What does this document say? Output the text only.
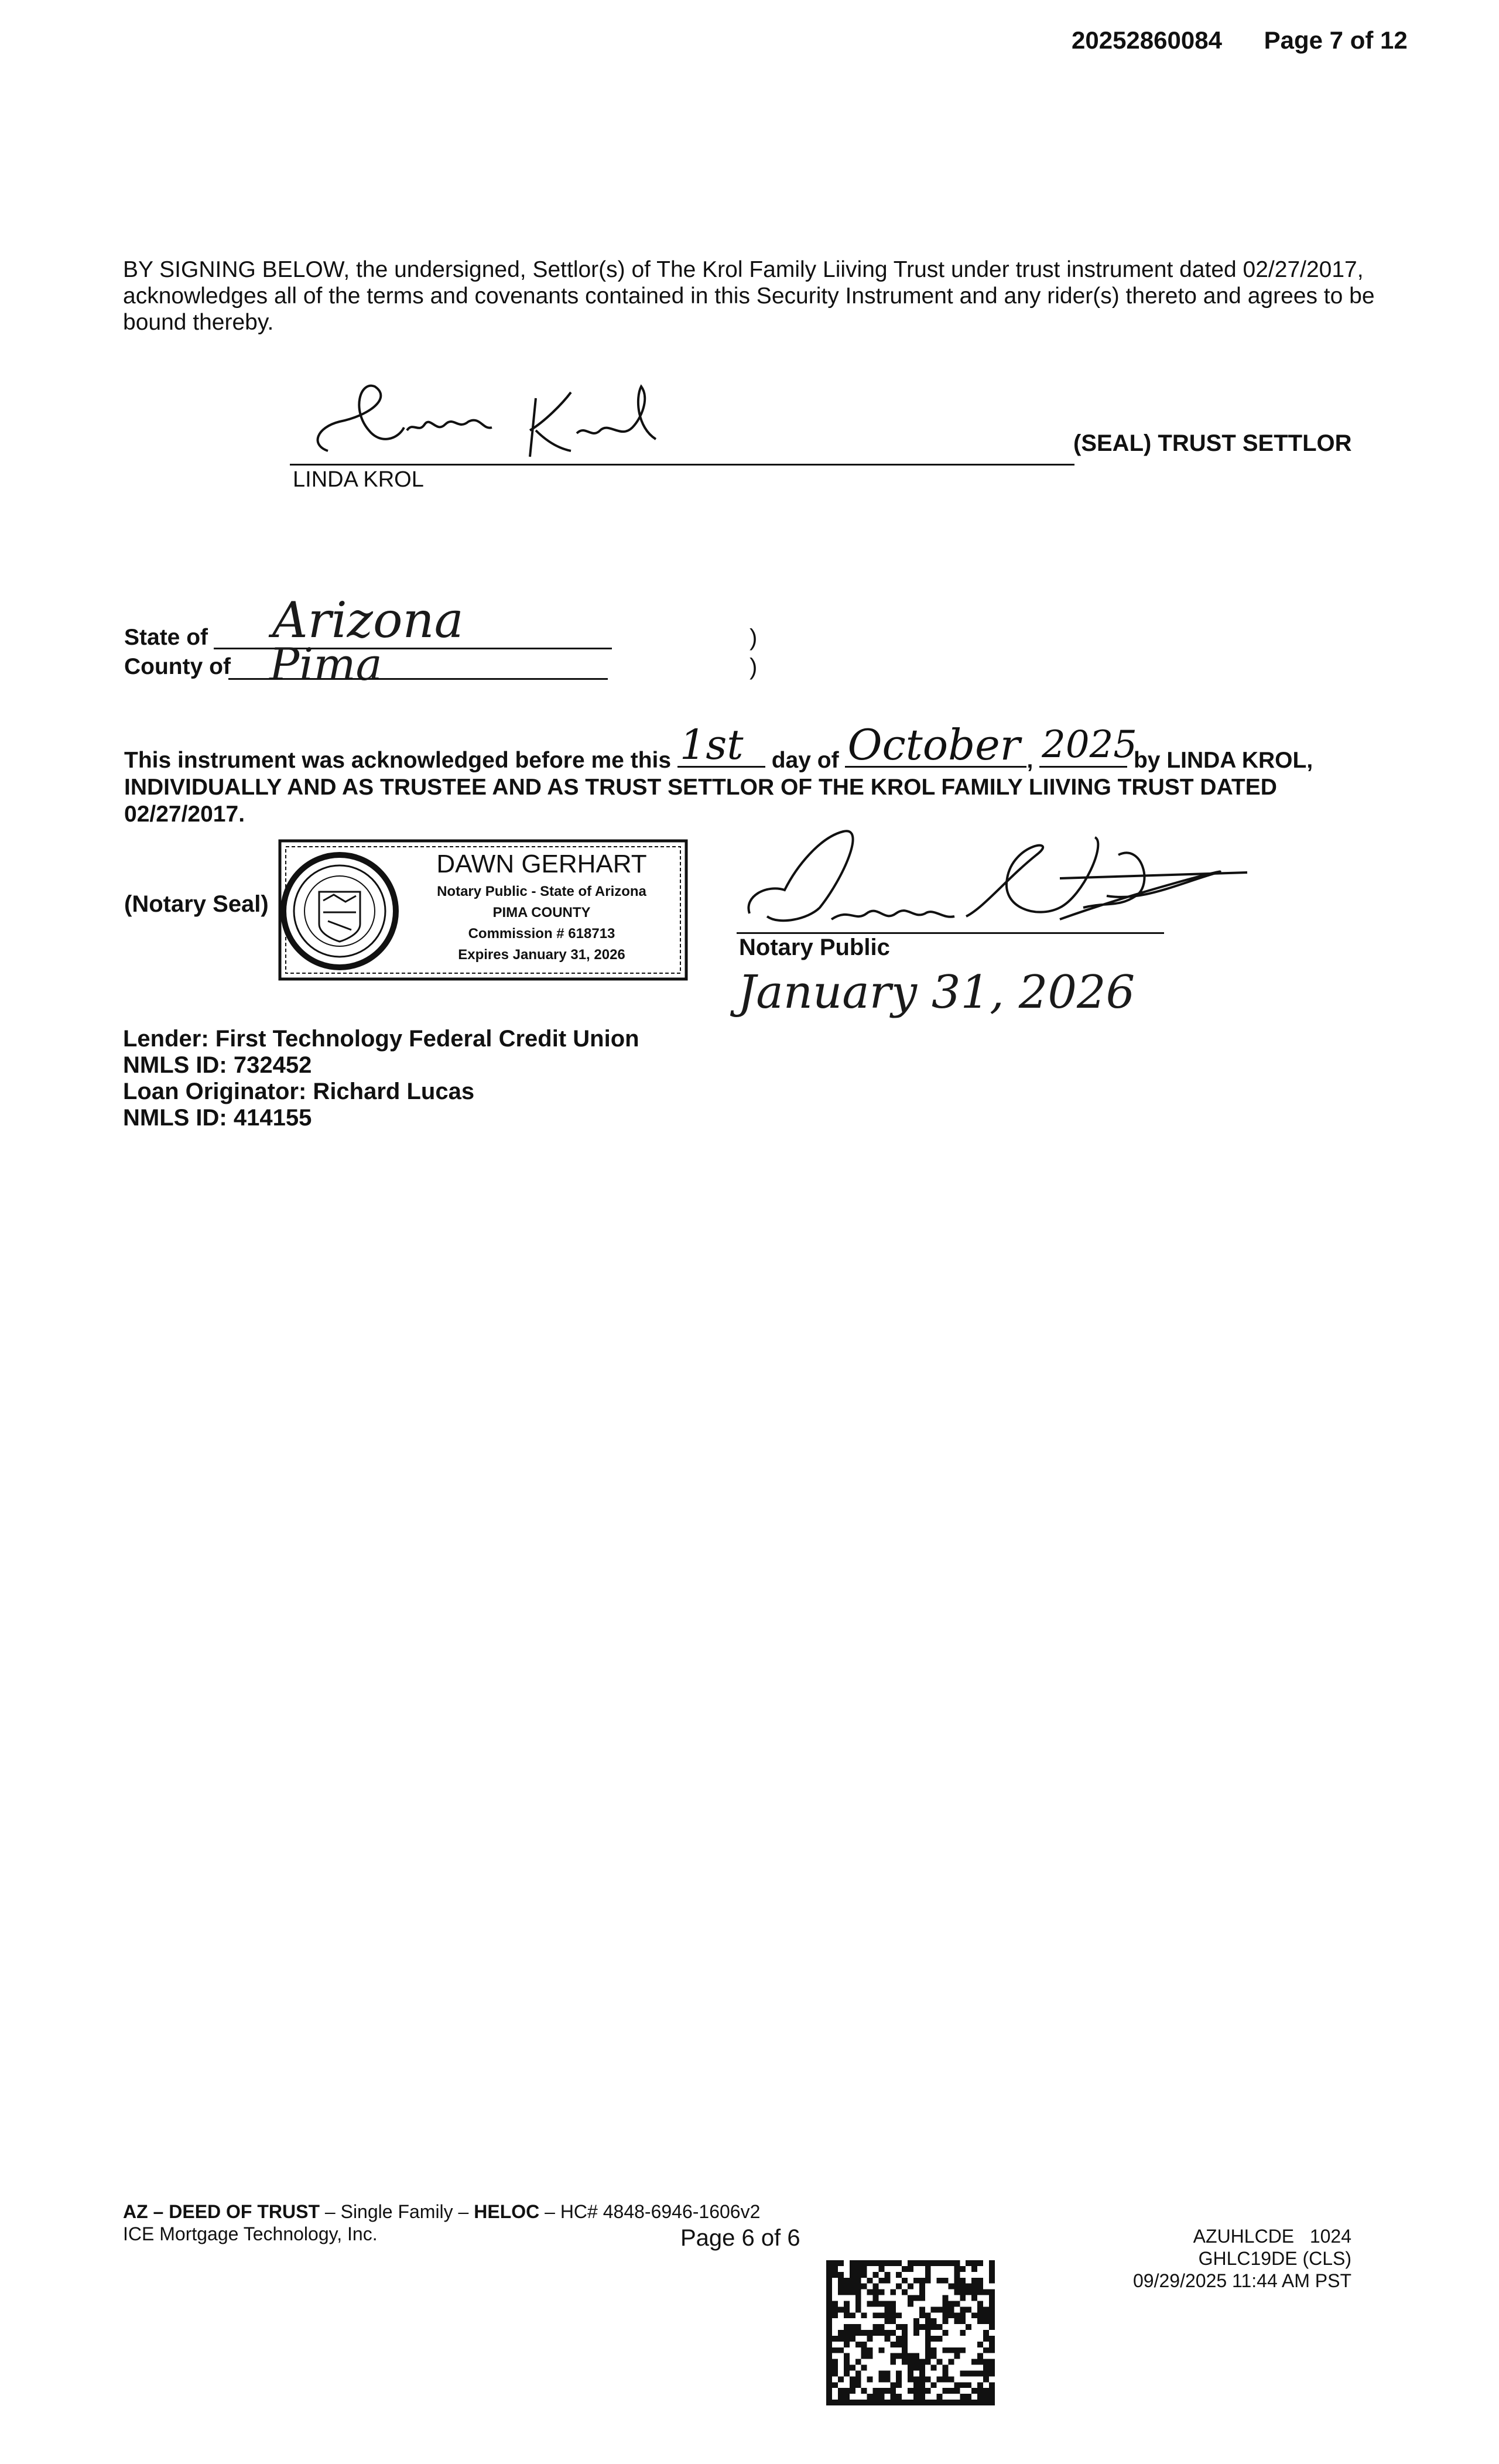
20252860084 Page 7 of 12
BY SIGNING BELOW, the undersigned, Settlor(s) of The Krol Family Liiving Trust under trust instrument dated 02/27/2017, acknowledges all of the terms and covenants contained in this Security Instrument and any rider(s) thereto and agrees to be bound thereby.
LINDA KROL
(SEAL) TRUST SETTLOR
State of Arizona	)
County of Pima	)
This instrument was acknowledged before me this 1st day of October , 2025
by LINDA KROL, INDIVIDUALLY AND AS TRUSTEE AND AS TRUST SETTLOR OF THE KROL FAMILY LIIVING TRUST DATED 02/27/2017.
(Notary Seal)
DAWN GERHART
Notary Public - State of Arizona
PIMA COUNTY
Commission # 618713
Expires January 31, 2026	Notary Public
January 31, 2026
Lender: First Technology Federal Credit Union
NMLS ID: 732452
Loan Originator: Richard Lucas
NMLS ID: 414155
AZ – DEED OF TRUST – Single Family – HELOC – HC# 4848-6946-1606v2
ICE Mortgage Technology, Inc.	Page 6 of 6	AZUHLCDE   1024
GHLC19DE (CLS)
09/29/2025 11:44 AM PST
